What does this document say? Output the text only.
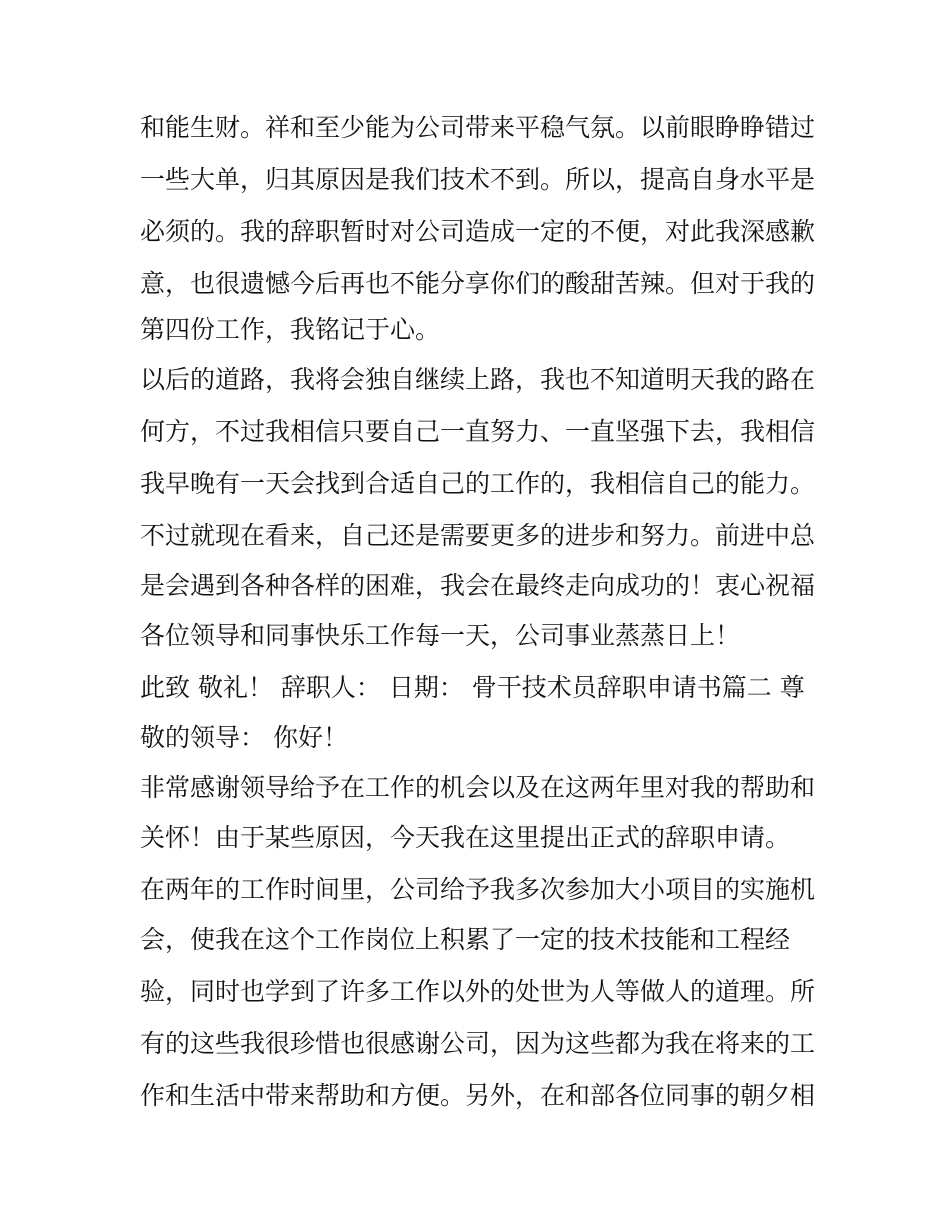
和能生财。祥和至少能为公司带来平稳气氛。以前眼睁睁错过
一些大单，归其原因是我们技术不到。所以，提高自身水平是
必须的。我的辞职暂时对公司造成一定的不便，对此我深感歉
意，也很遗憾今后再也不能分享你们的酸甜苦辣。但对于我的
第四份工作，我铭记于心。
以后的道路，我将会独自继续上路，我也不知道明天我的路在
何方，不过我相信只要自己一直努力、一直坚强下去，我相信
我早晚有一天会找到合适自己的工作的，我相信自己的能力。
不过就现在看来，自己还是需要更多的进步和努力。前进中总
是会遇到各种各样的困难，我会在最终走向成功的！衷心祝福
各位领导和同事快乐工作每一天，公司事业蒸蒸日上！
此致 敬礼！ 辞职人： 日期： 骨干技术员辞职申请书篇二 尊
敬的领导： 你好！
非常感谢领导给予在工作的机会以及在这两年里对我的帮助和
关怀！由于某些原因，今天我在这里提出正式的辞职申请。
在两年的工作时间里，公司给予我多次参加大小项目的实施机
会，使我在这个工作岗位上积累了一定的技术技能和工程经
验，同时也学到了许多工作以外的处世为人等做人的道理。所
有的这些我很珍惜也很感谢公司，因为这些都为我在将来的工
作和生活中带来帮助和方便。另外，在和部各位同事的朝夕相
